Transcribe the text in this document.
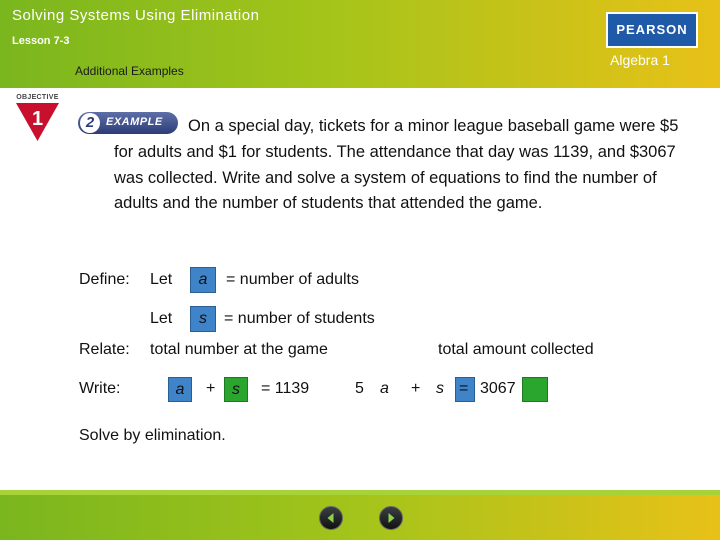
Solving Systems Using Elimination
Lesson 7-3
Additional Examples
PEARSON
Algebra 1
OBJECTIVE
1	2	EXAMPLE	On a special day, tickets for a minor league baseball game were $5 for adults and $1 for students. The attendance that day was 1139, and $3067 was collected. Write and solve a system of equations to find the number of adults and the number of students that attended the game.
Define: Let	a	= number of adults
Let	s	= number of students
Relate: total number at the game	total amount collected
Write:	a	+	s	= 1139	5 a + s = 3067
Solve by elimination.
